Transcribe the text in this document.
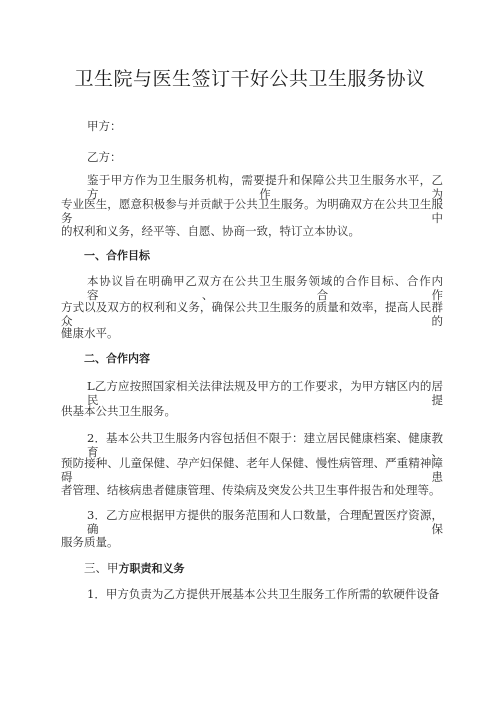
卫生院与医生签订干好公共卫生服务协议
甲方：
乙方：
鉴于甲方作为卫生服务机构，需要提升和保障公共卫生服务水平，乙方作为
专业医生，愿意积极参与并贡献于公共卫生服务。为明确双方在公共卫生服务中
的权利和义务，经平等、自愿、协商一致，特订立本协议。
一、合作目标
本协议旨在明确甲乙双方在公共卫生服务领域的合作目标、合作内容、合作
方式以及双方的权利和义务，确保公共卫生服务的质量和效率，提高人民群众的
健康水平。
二、合作内容
L乙方应按照国家相关法律法规及甲方的工作要求，为甲方辖区内的居民提
供基本公共卫生服务。
2．基本公共卫生服务内容包括但不限于：建立居民健康档案、健康教育、
预防接种、儿童保健、孕产妇保健、老年人保健、慢性病管理、严重精神障碍患
者管理、结核病患者健康管理、传染病及突发公共卫生事件报告和处理等。
3．乙方应根据甲方提供的服务范围和人口数量，合理配置医疗资源，确保
服务质量。
三、甲方职责和义务
1．甲方负责为乙方提供开展基本公共卫生服务工作所需的软硬件设备
